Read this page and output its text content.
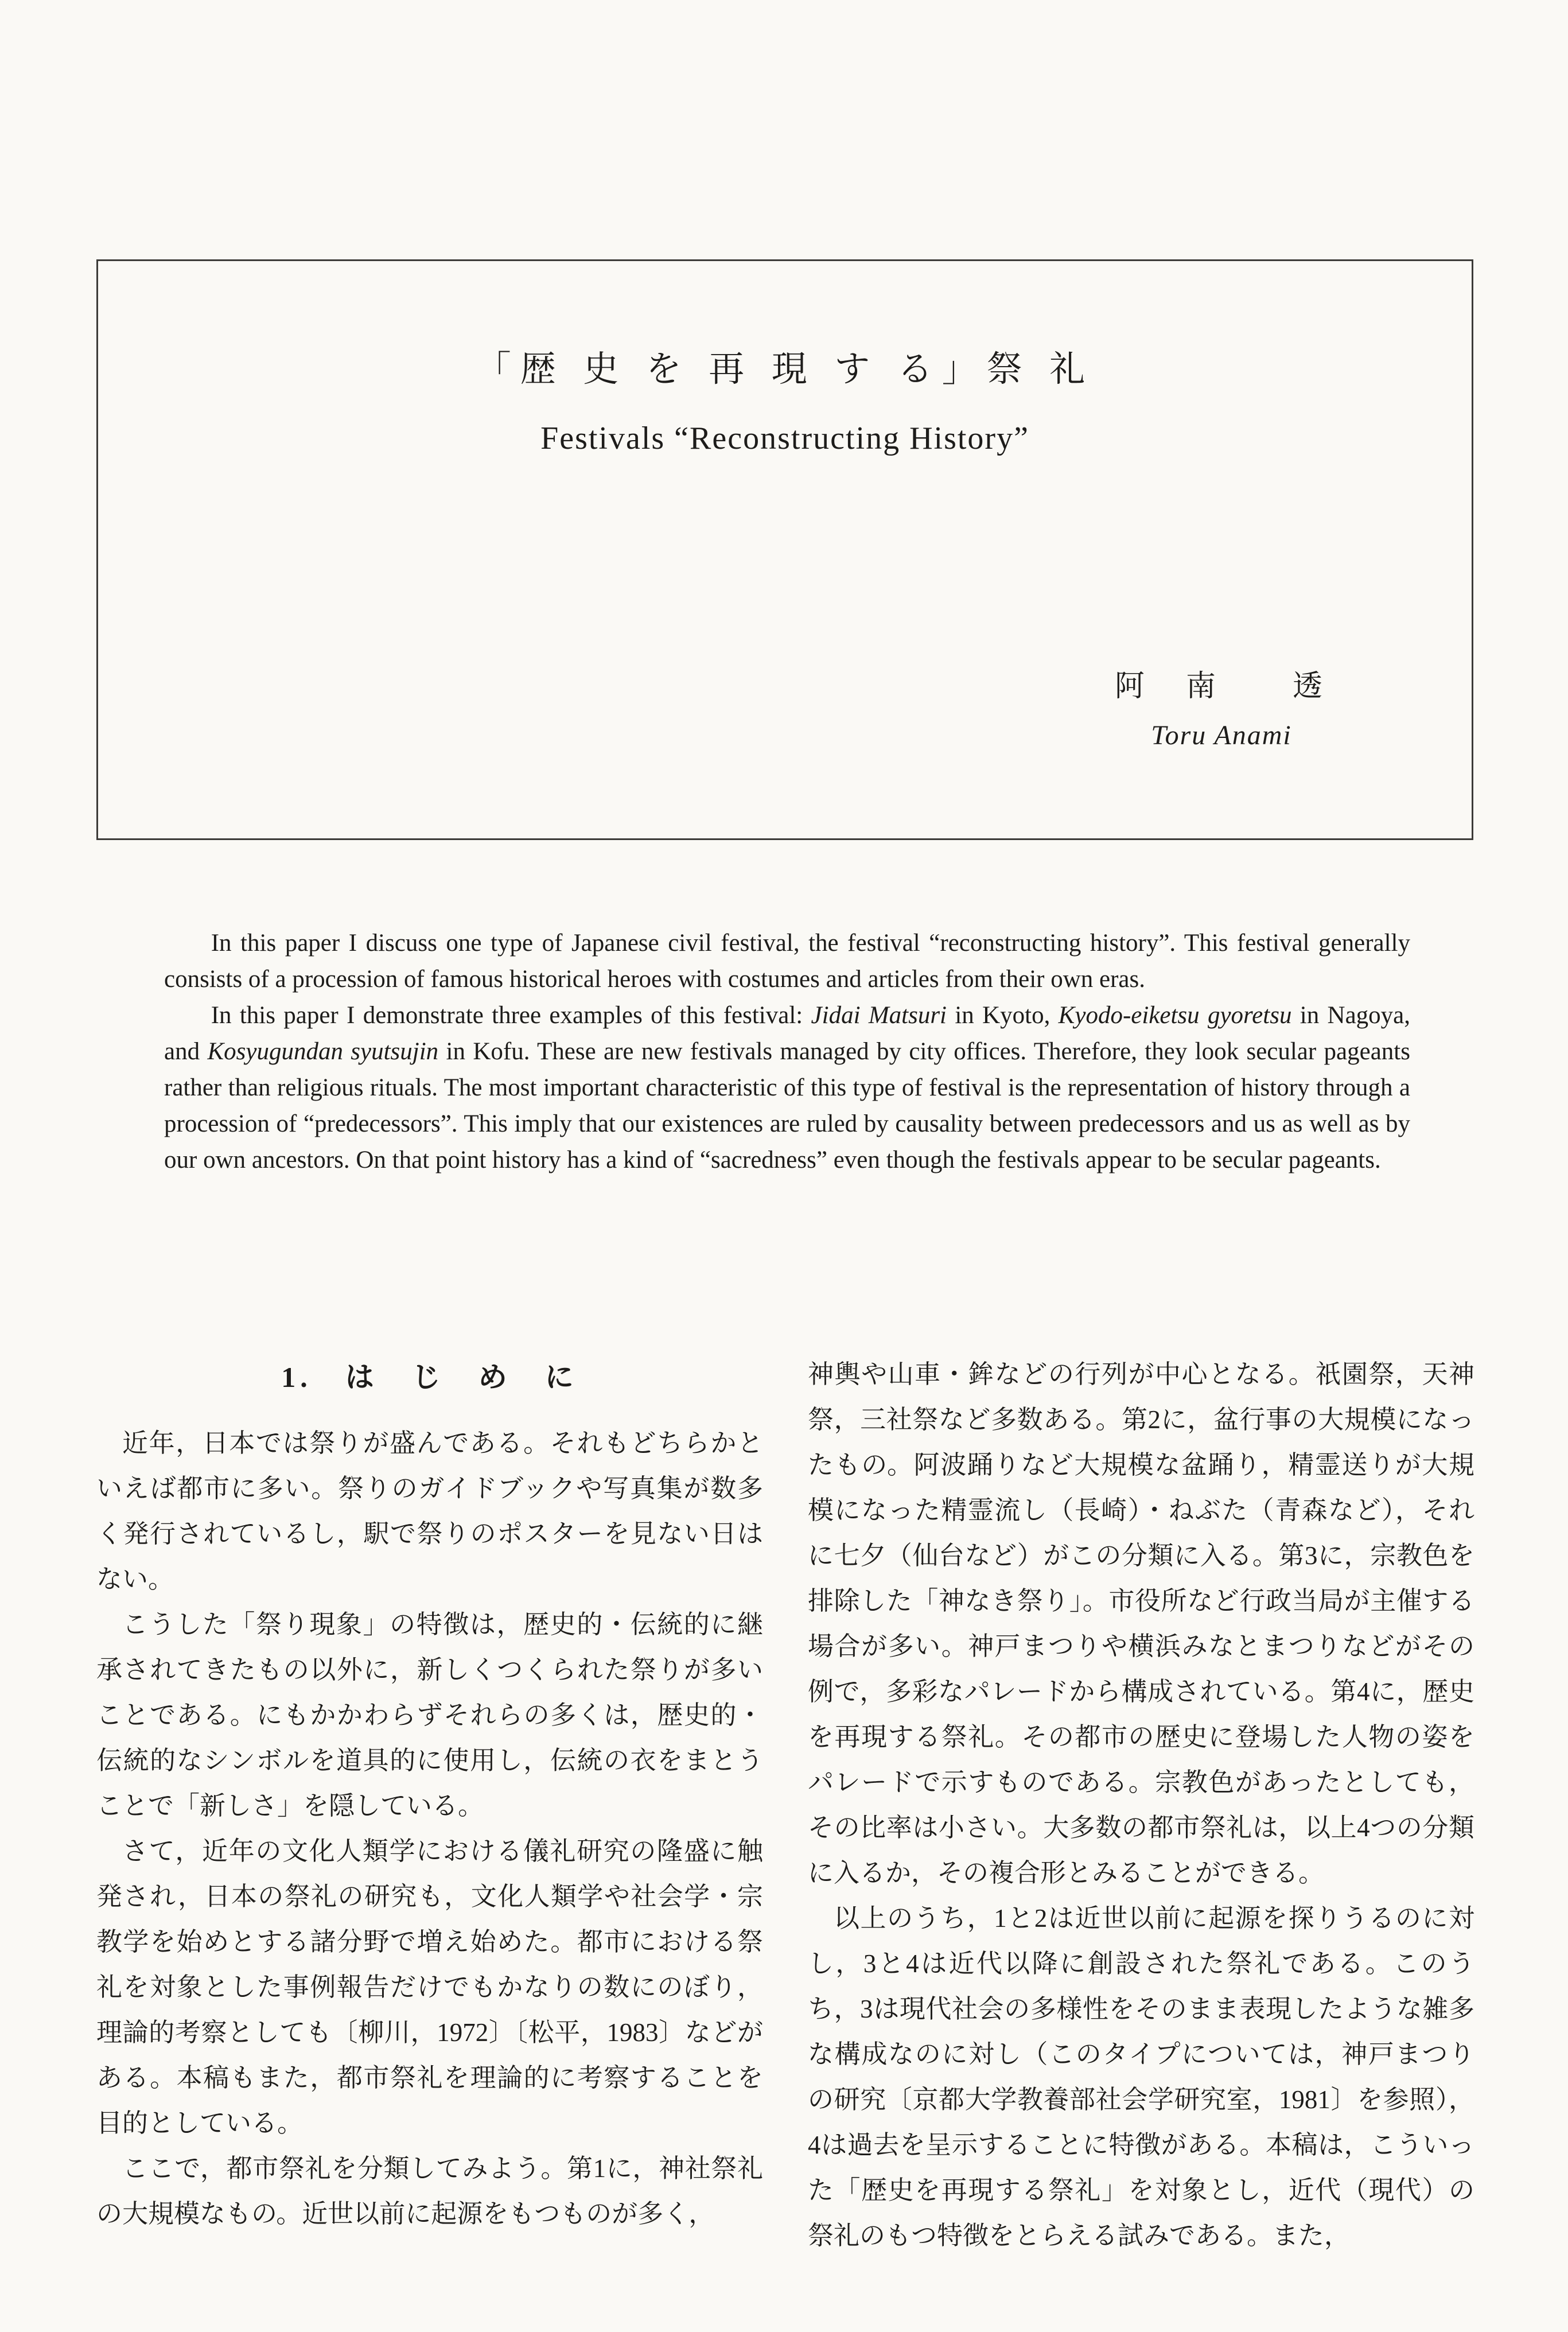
「歴 史 を 再 現 す る」祭 礼
Festivals “Reconstructing History”
阿　南　　透
Toru Anami

In this paper I discuss one type of Japanese civil festival, the festival “reconstructing history”. This festival generally consists of a procession of famous historical heroes with costumes and articles from their own eras.

In this paper I demonstrate three examples of this festival: Jidai Matsuri in Kyoto, Kyodo-eiketsu gyoretsu in Nagoya, and Kosyugundan syutsujin in Kofu. These are new festivals managed by city offices. Therefore, they look secular pageants rather than religious rituals. The most important characteristic of this type of festival is the representation of history through a procession of “predecessors”. This imply that our existences are ruled by causality between predecessors and us as well as by our own ancestors. On that point history has a kind of “sacredness” even though the festivals appear to be secular pageants.

1.　は　じ　め　に

近年，日本では祭りが盛んである。それもどちらかといえば都市に多い。祭りのガイドブックや写真集が数多く発行されているし，駅で祭りのポスターを見ない日はない。

こうした「祭り現象」の特徴は，歴史的・伝統的に継承されてきたもの以外に，新しくつくられた祭りが多いことである。にもかかわらずそれらの多くは，歴史的・伝統的なシンボルを道具的に使用し，伝統の衣をまとうことで「新しさ」を隠している。

さて，近年の文化人類学における儀礼研究の隆盛に触発され，日本の祭礼の研究も，文化人類学や社会学・宗教学を始めとする諸分野で増え始めた。都市における祭礼を対象とした事例報告だけでもかなりの数にのぼり，理論的考察としても〔柳川，1972〕〔松平，1983〕などがある。本稿もまた，都市祭礼を理論的に考察することを目的としている。

ここで，都市祭礼を分類してみよう。第1に，神社祭礼の大規模なもの。近世以前に起源をもつものが多く，

神輿や山車・鉾などの行列が中心となる。祇園祭，天神祭，三社祭など多数ある。第2に，盆行事の大規模になったもの。阿波踊りなど大規模な盆踊り，精霊送りが大規模になった精霊流し（長崎）・ねぶた（青森など），それに七夕（仙台など）がこの分類に入る。第3に，宗教色を排除した「神なき祭り」。市役所など行政当局が主催する場合が多い。神戸まつりや横浜みなとまつりなどがその例で，多彩なパレードから構成されている。第4に，歴史を再現する祭礼。その都市の歴史に登場した人物の姿をパレードで示すものである。宗教色があったとしても，その比率は小さい。大多数の都市祭礼は，以上4つの分類に入るか，その複合形とみることができる。

以上のうち，1と2は近世以前に起源を探りうるのに対し，3と4は近代以降に創設された祭礼である。このうち，3は現代社会の多様性をそのまま表現したような雑多な構成なのに対し（このタイプについては，神戸まつりの研究〔京都大学教養部社会学研究室，1981〕を参照），4は過去を呈示することに特徴がある。本稿は，こういった「歴史を再現する祭礼」を対象とし，近代（現代）の祭礼のもつ特徴をとらえる試みである。また，
